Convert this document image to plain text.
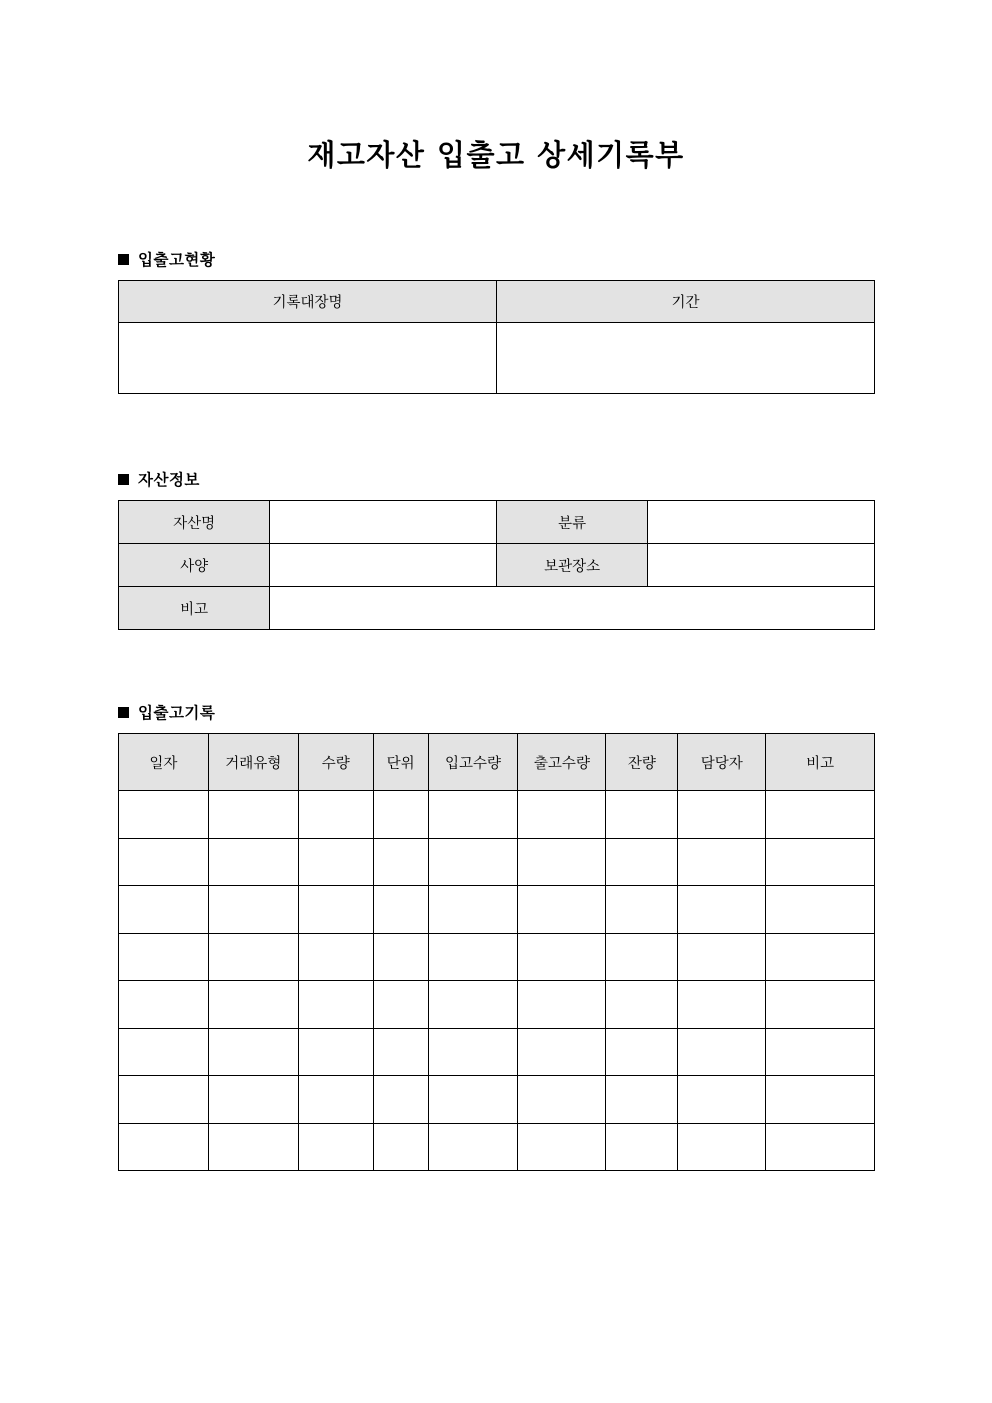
재고자산 입출고 상세기록부
입출고현황
기록대장명	기간

자산정보
자산명		분류	
사양		보관장소	
비고			
입출고기록
일자	거래유형	수량	단위	입고수량	출고수량	잔량	담당자	비고
